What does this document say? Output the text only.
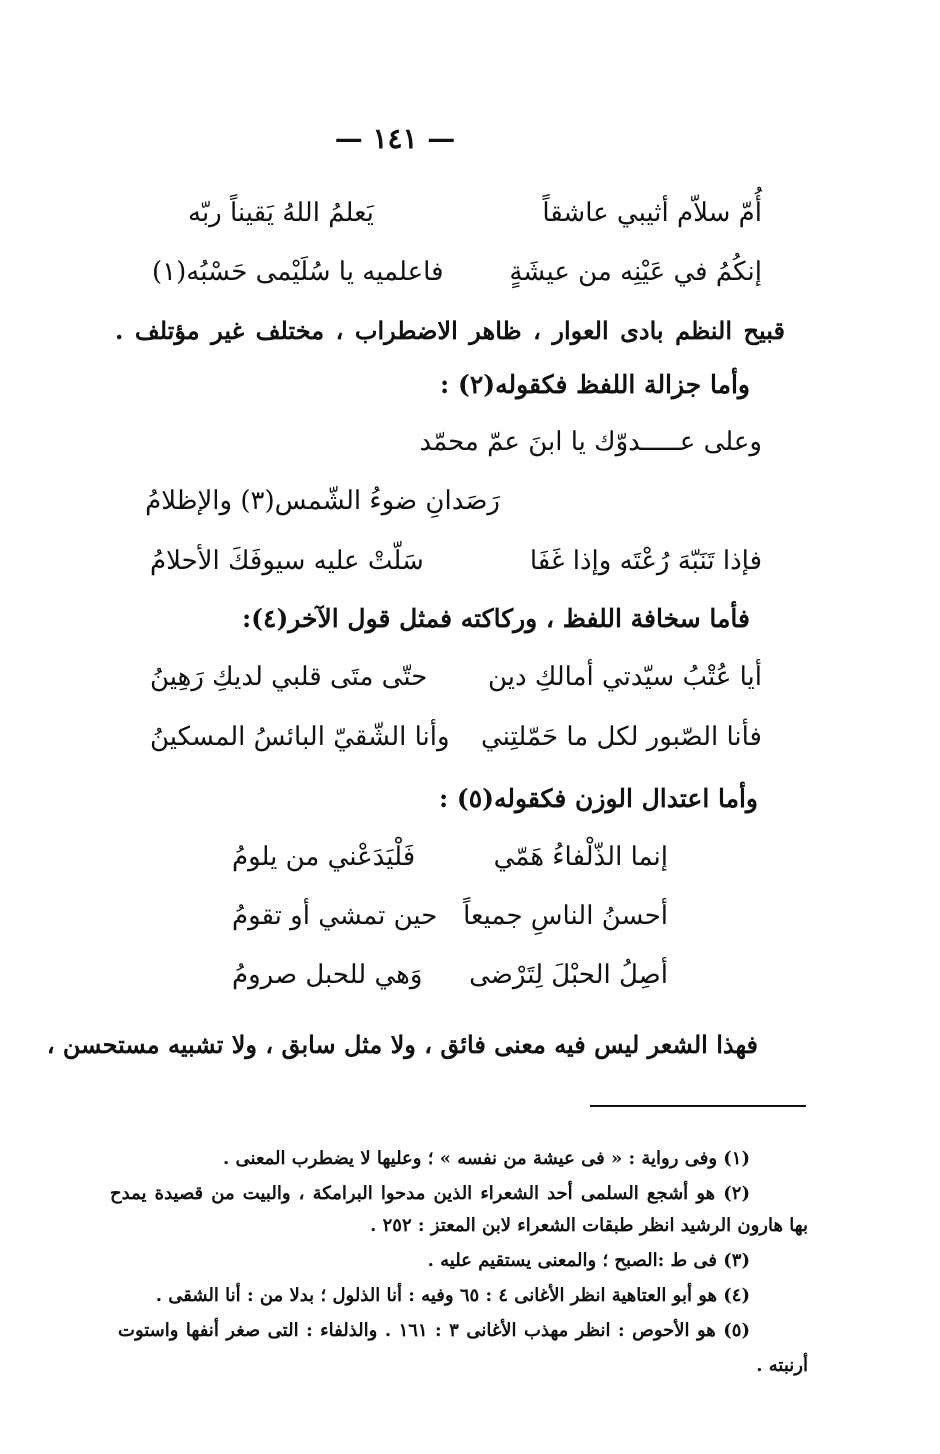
— ١٤١ —
أُمّ سلاّم أثيبي عاشقاً
يَعلمُ اللهُ يَقيناً ربّه
إنكُمُ في عَيْنِه من عيشَةٍ
فاعلميه يا سُلَيْمى حَسْبُه(١)
قبيح النظم بادى العوار ، ظاهر الاضطراب ، مختلف غير مؤتلف .
وأما جزالة اللفظ فكقوله(٢) :
وعلى عـــــدوّك يا ابنَ عمّ محمّد
رَصَدانِ ضوءُ الشّمس(٣) والإظلامُ
فإذا تَنَبّهَ رُعْتَه وإذا غَفَا
سَلّتْ عليه سيوفَكَ الأحلامُ
فأما سخافة اللفظ ، وركاكته فمثل قول الآخر(٤):
أيا عُتْبُ سيّدتي أمالكِ دين
حتّى متَى قلبي لديكِ رَهِينُ
فأنا الصّبور لكل ما حَمّلتِني
وأنا الشّقيّ البائسُ المسكينُ
وأما اعتدال الوزن فكقوله(٥) :
إنما الذّلْفاءُ هَمّي
فَلْيَدَعْني من يلومُ
أحسنُ الناسِ جميعاً
حين تمشي أو تقومُ
أصِلُ الحبْلَ لِتَرْضى
وَهي للحبل صرومُ
فهذا الشعر ليس فيه معنى فائق ، ولا مثل سابق ، ولا تشبيه مستحسن ،
(١) وفى رواية : « فى عيشة من نفسه » ؛ وعليها لا يضطرب المعنى .
(٢) هو أشجع السلمى أحد الشعراء الذين مدحوا البرامكة ، والبيت من قصيدة يمدح
بها هارون الرشيد انظر طبقات الشعراء لابن المعتز : ٢٥٢ .
(٣) فى ط :الصبح ؛ والمعنى يستقيم عليه .
(٤) هو أبو العتاهية انظر الأغانى ٤ : ٦٥ وفيه : أنا الذلول ؛ بدلا من : أنا الشقى .
(٥) هو الأحوص : انظر مهذب الأغانى ٣ : ١٦١ . والذلفاء : التى صغر أنفها واستوت
أرنبته .
